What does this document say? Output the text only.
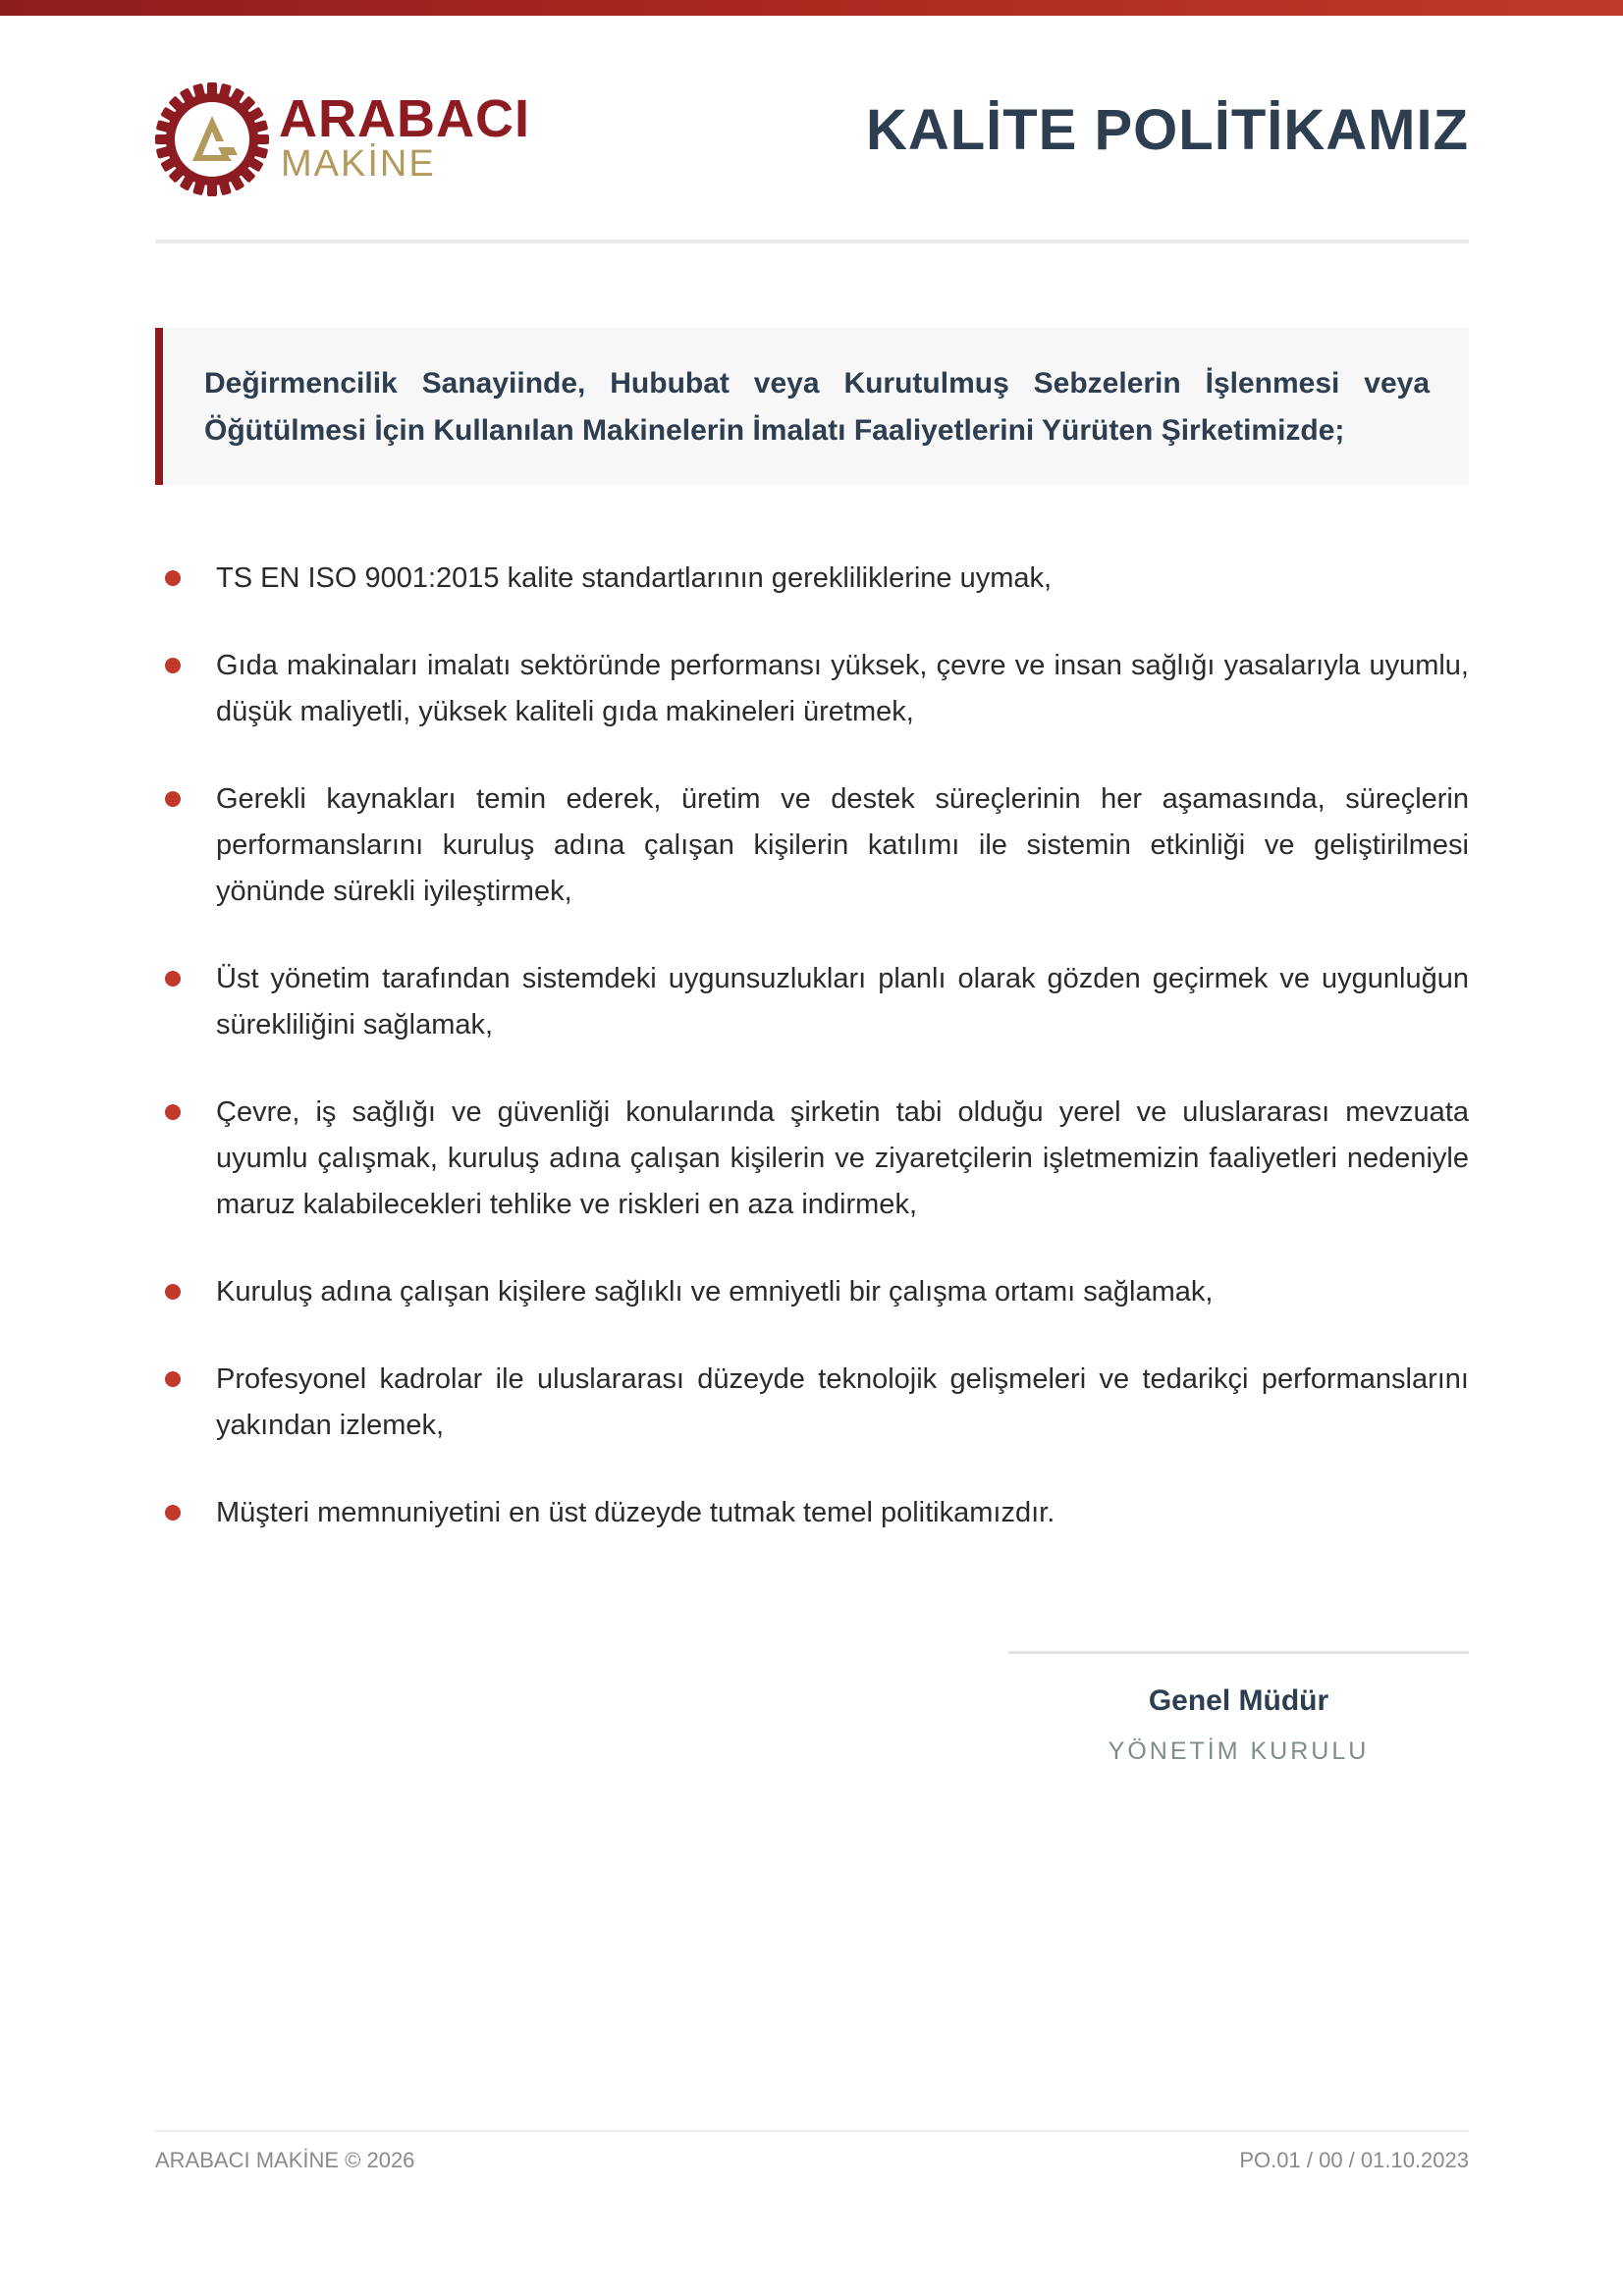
ARABACI
MAKİNE
KALİTE POLİTİKAMIZ

Değirmencilik Sanayiinde, Hububat veya Kurutulmuş Sebzelerin İşlenmesi veya Öğütülmesi İçin Kullanılan Makinelerin İmalatı Faaliyetlerini Yürüten Şirketimizde;

TS EN ISO 9001:2015 kalite standartlarının gerekliliklerine uymak,
Gıda makinaları imalatı sektöründe performansı yüksek, çevre ve insan sağlığı yasalarıyla uyumlu, düşük maliyetli, yüksek kaliteli gıda makineleri üretmek,
Gerekli kaynakları temin ederek, üretim ve destek süreçlerinin her aşamasında, süreçlerin performanslarını kuruluş adına çalışan kişilerin katılımı ile sistemin etkinliği ve geliştirilmesi yönünde sürekli iyileştirmek,
Üst yönetim tarafından sistemdeki uygunsuzlukları planlı olarak gözden geçirmek ve uygunluğun sürekliliğini sağlamak,
Çevre, iş sağlığı ve güvenliği konularında şirketin tabi olduğu yerel ve uluslararası mevzuata uyumlu çalışmak, kuruluş adına çalışan kişilerin ve ziyaretçilerin işletmemizin faaliyetleri nedeniyle maruz kalabilecekleri tehlike ve riskleri en aza indirmek,
Kuruluş adına çalışan kişilere sağlıklı ve emniyetli bir çalışma ortamı sağlamak,
Profesyonel kadrolar ile uluslararası düzeyde teknolojik gelişmeleri ve tedarikçi performanslarını yakından izlemek,
Müşteri memnuniyetini en üst düzeyde tutmak temel politikamızdır.
Genel Müdür
YÖNETİM KURULU
ARABACI MAKİNE © 2026	PO.01 / 00 / 01.10.2023
